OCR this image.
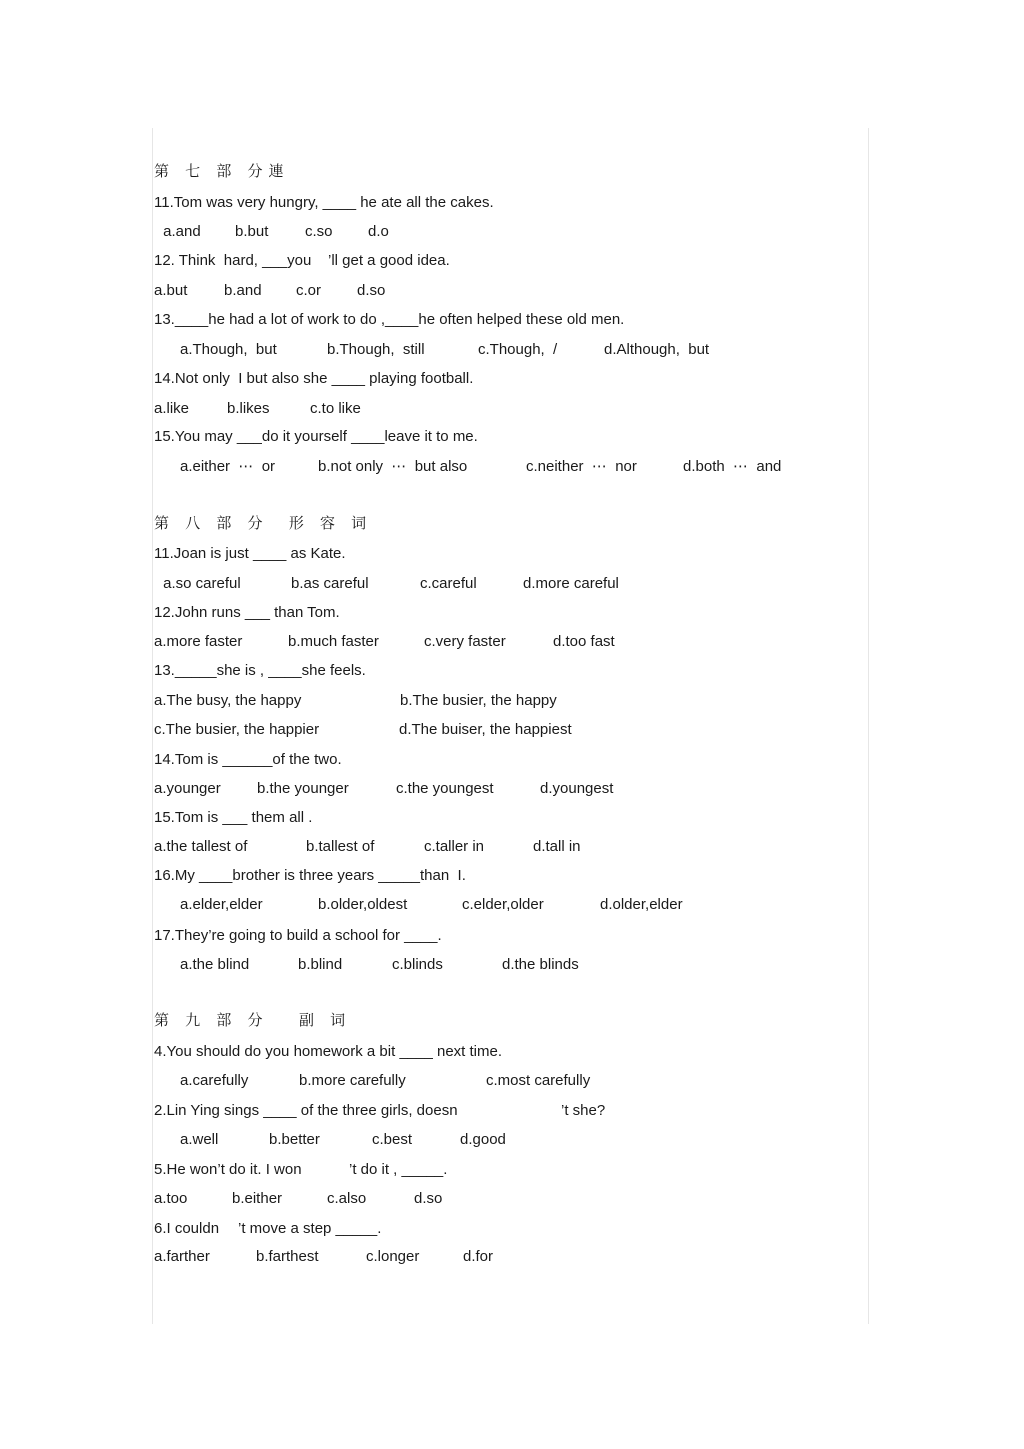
第 七 部 分連
11.Tom was very hungry, ____ he ate all the cakes.
a.and b.but c.so d.o
12. Think  hard, ___you    ’ll get a good idea.
a.but b.and c.or d.so
13.____he had a lot of work to do ,____he often helped these old men.
a.Though,  but	b.Though,  still	c.Though,  /	d.Although,  but
14.Not only  I but also she ____ playing football.
a.like	b.likes	c.to like
15.You may ___do it yourself ____leave it to me.
a.either  ⋯  or	b.not only  ⋯  but also	c.neither  ⋯  nor	d.both  ⋯  and
第 八 部 分  形 容 词
11.Joan is just ____ as Kate.
a.so careful	b.as careful	c.careful	d.more careful
12.John runs ___ than Tom.
a.more faster	b.much faster	c.very faster	d.too fast
13._____she is , ____she feels.
a.The busy, the happy	b.The busier, the happy
c.The busier, the happier	d.The buiser, the happiest
14.Tom is ______of the two.
a.younger b.the younger	c.the youngest	d.youngest
15.Tom is ___ them all .
a.the tallest of	b.tallest of	c.taller in	d.tall in
16.My ____brother is three years _____than  I.
a.elder,elder	b.older,oldest	c.elder,older	d.older,elder
17.They’re going to build a school for ____.
a.the blind	b.blind	c.blinds	d.the blinds
第 九 部 分   副 词
4.You should do you homework a bit ____ next time.
a.carefully	b.more carefully	c.most carefully
2.Lin Ying sings ____ of the three girls, doesn	’t she?
a.well	b.better	c.best	d.good
5.He won’t do it. I won	’t do it , _____.
a.too	b.either	c.also	d.so
6.I couldn ’t move a step _____.
a.farther	b.farthest	c.longer	d.for
